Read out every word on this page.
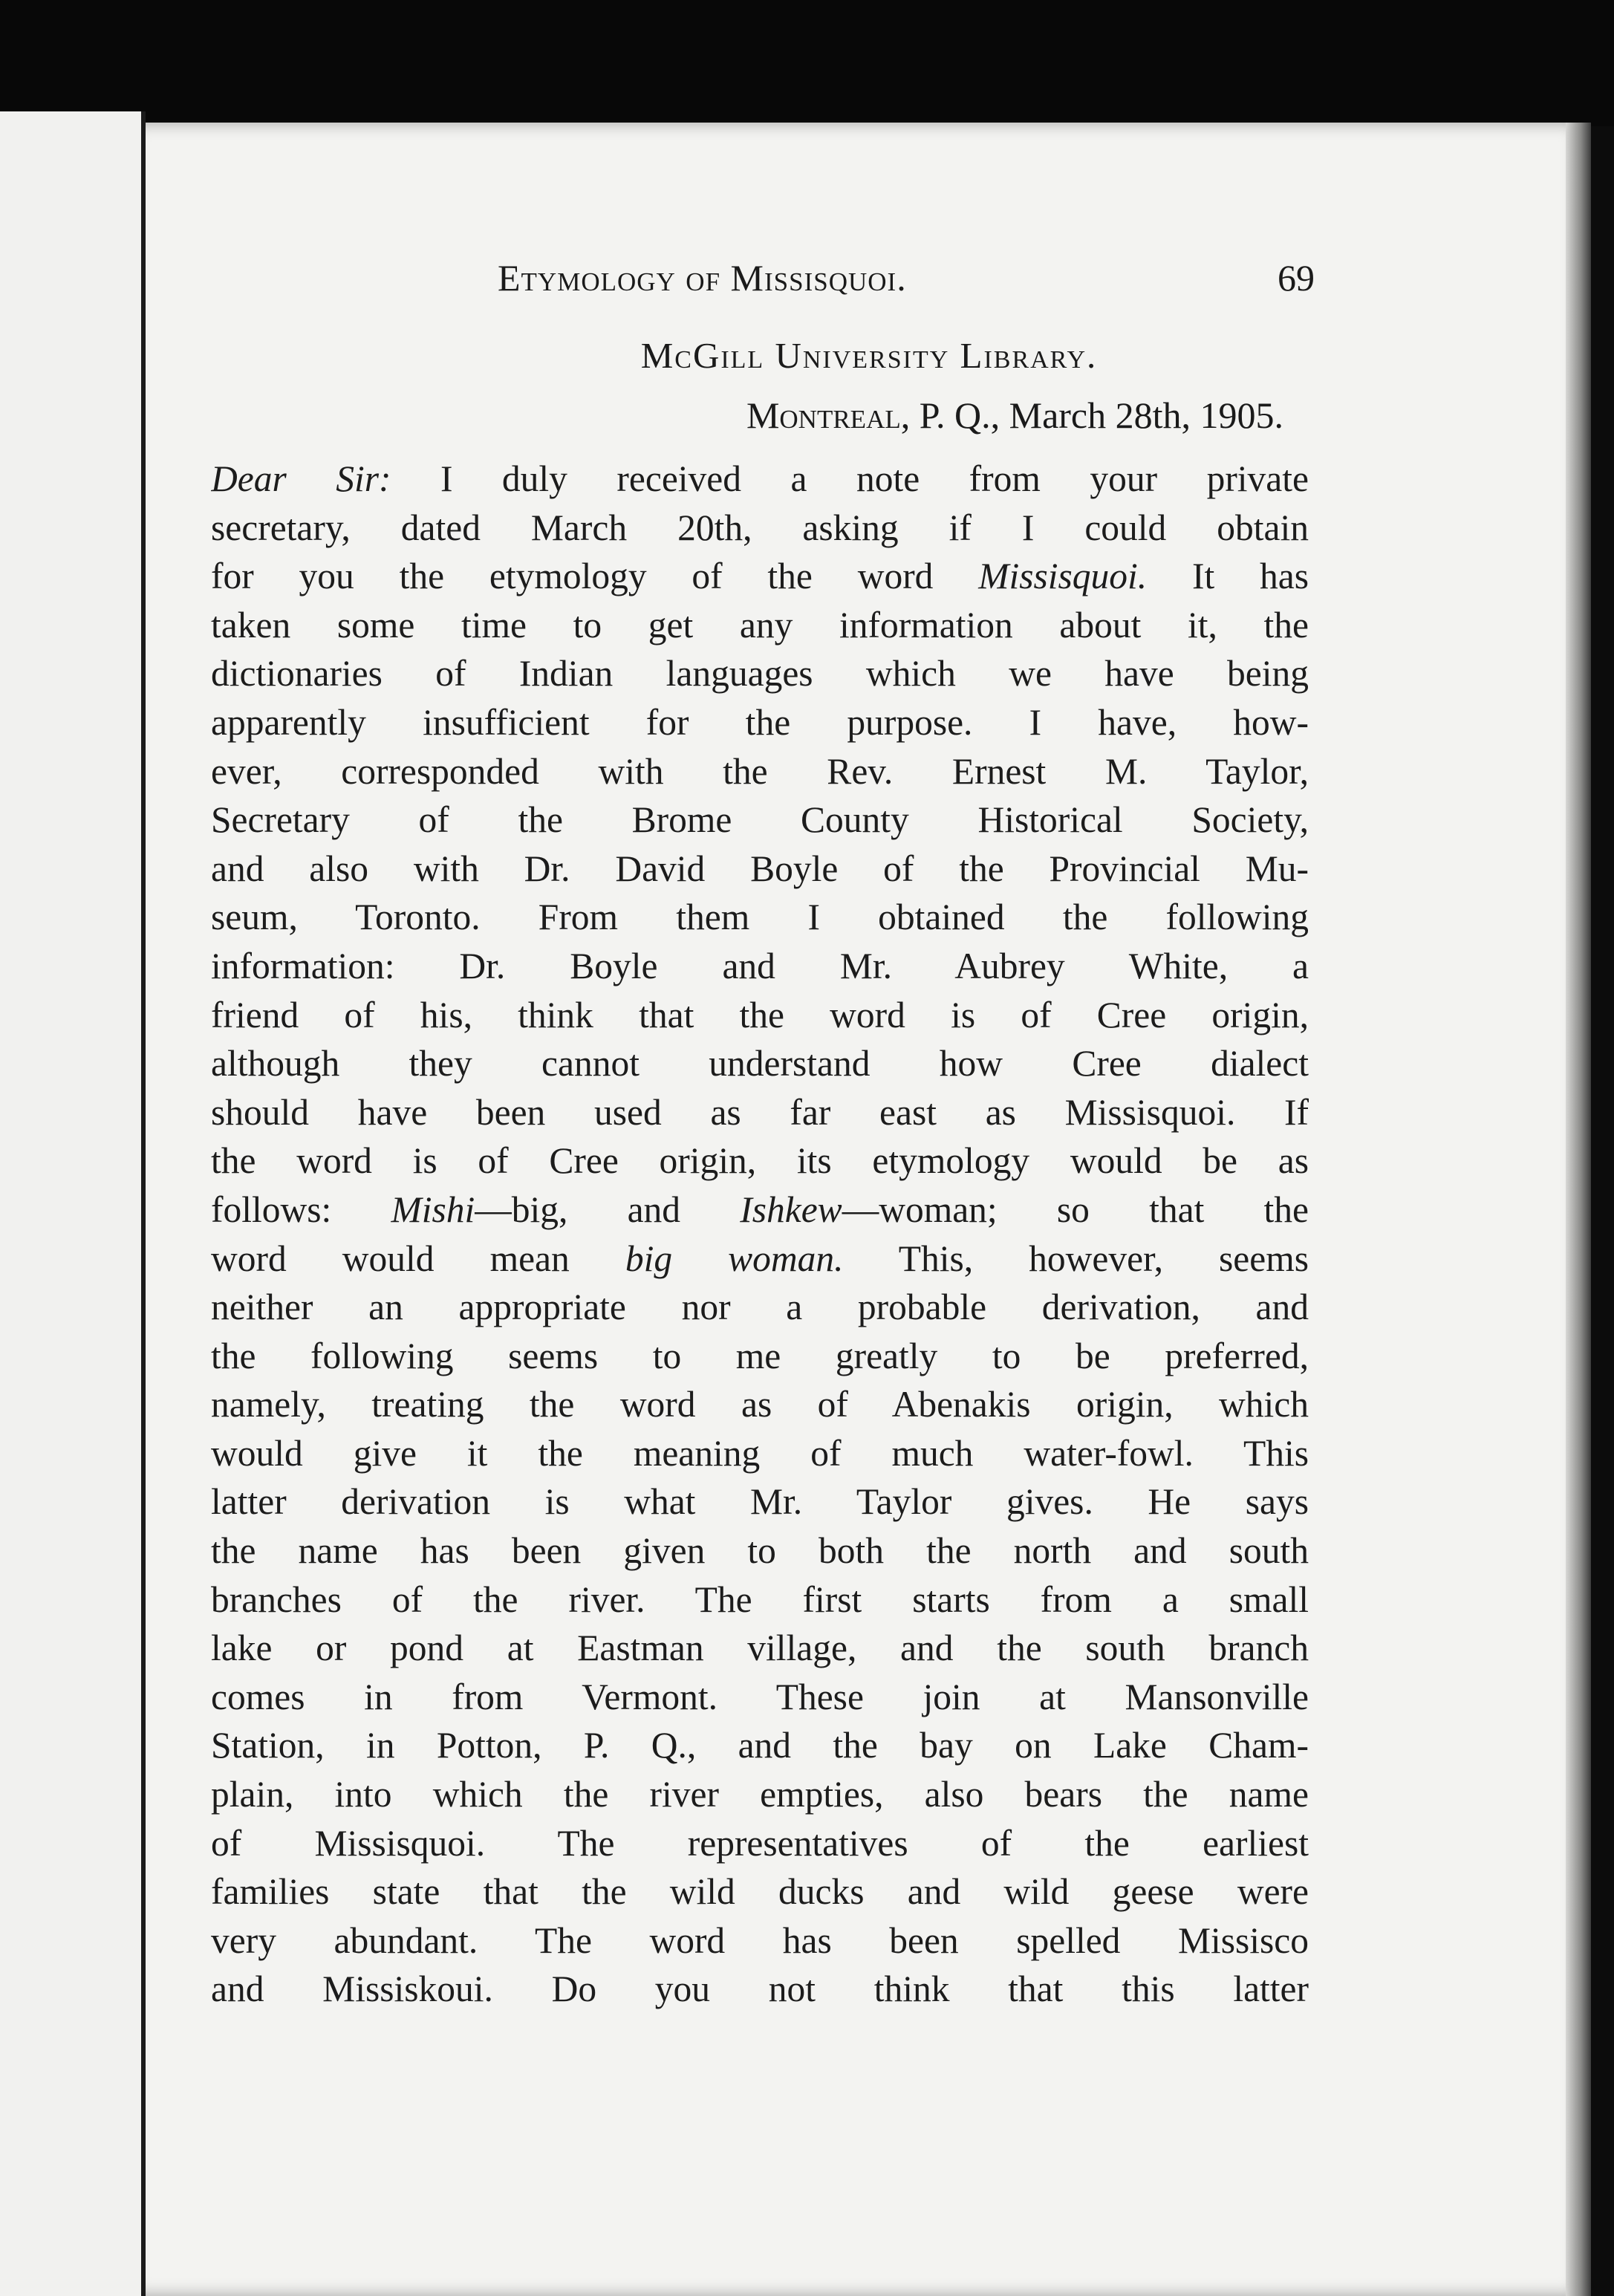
Etymology of Missisquoi.	69
McGill University Library.
Montreal, P. Q., March 28th, 1905.
Dear Sir: I duly received a note from your private
secretary, dated March 20th, asking if I could obtain
for you the etymology of the word Missisquoi. It has
taken some time to get any information about it, the
dictionaries of Indian languages which we have being
apparently insufficient for the purpose. I have, how-
ever, corresponded with the Rev. Ernest M. Taylor,
Secretary of the Brome County Historical Society,
and also with Dr. David Boyle of the Provincial Mu-
seum, Toronto. From them I obtained the following
information: Dr. Boyle and Mr. Aubrey White, a
friend of his, think that the word is of Cree origin,
although they cannot understand how Cree dialect
should have been used as far east as Missisquoi. If
the word is of Cree origin, its etymology would be as
follows: Mishi—big, and Ishkew—woman; so that the
word would mean big woman. This, however, seems
neither an appropriate nor a probable derivation, and
the following seems to me greatly to be preferred,
namely, treating the word as of Abenakis origin, which
would give it the meaning of much water-fowl. This
latter derivation is what Mr. Taylor gives. He says
the name has been given to both the north and south
branches of the river. The first starts from a small
lake or pond at Eastman village, and the south branch
comes in from Vermont. These join at Mansonville
Station, in Potton, P. Q., and the bay on Lake Cham-
plain, into which the river empties, also bears the name
of Missisquoi. The representatives of the earliest
families state that the wild ducks and wild geese were
very abundant. The word has been spelled Missisco
and Missiskoui. Do you not think that this latter
